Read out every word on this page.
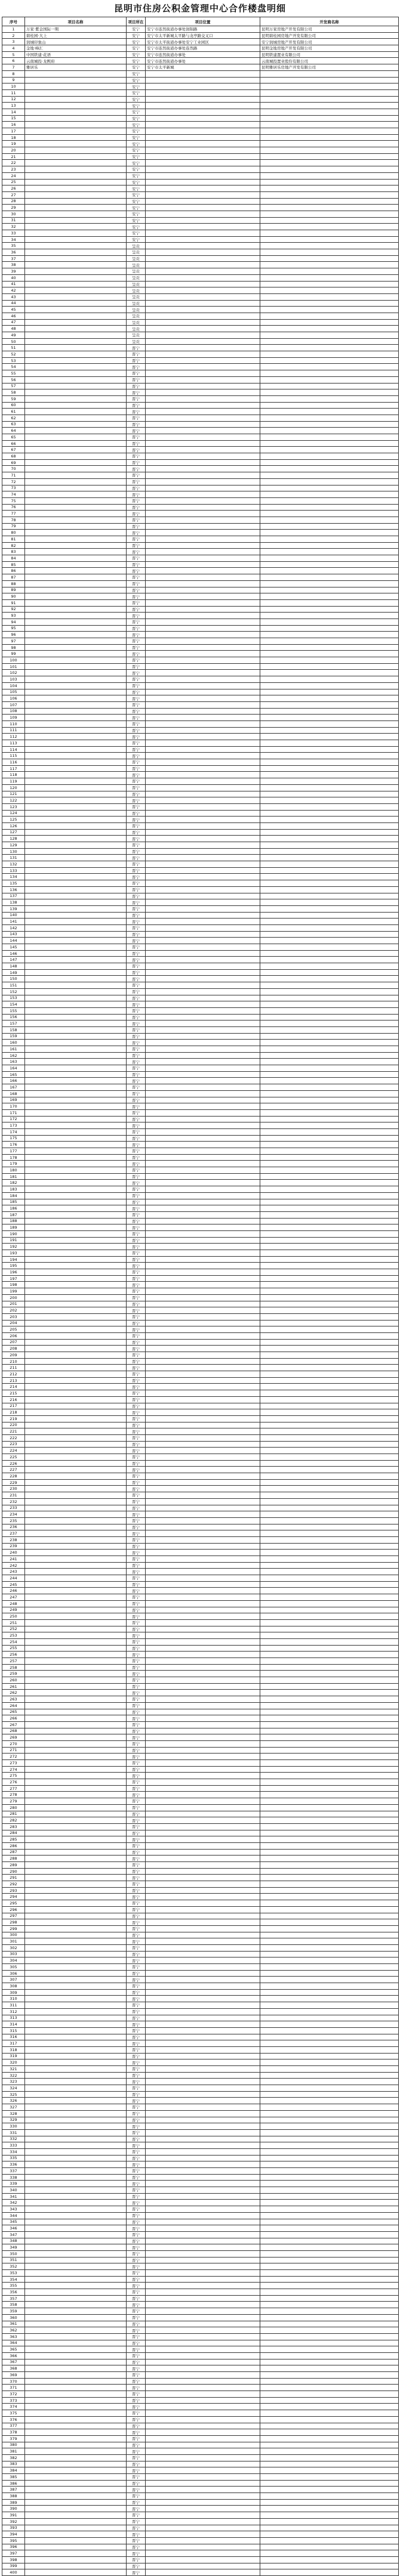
昆明市住房公积金管理中心合作楼盘明细
序号	项目名称	项目所在	项目位置	开发商名称
1	万家·紫金国际一期	安宁	安宁市连然街道办事处润锦路	昆明万家房地产开发有限公司
2	碧桂园·大上	安宁	安宁市太平新城太平路与龙亭路交叉口	昆明碧桂园房地产开发有限公司
3	润城印象山	安宁	安宁市太平街道办事处安宁工业园区	安宁润城房地产开发有限公司
4	金地·峰汇	安宁	安宁市连然街道办事处连然路	昆明金地房地产开发有限公司
5	中国铁建·花语	安宁	安宁市连然街道办事处	昆明铁建置业有限公司
6	云南城投·龙熙府	安宁	安宁市连然街道办事处	云南城投置业股份有限公司
7	雅居乐	安宁	安宁市太平新城	昆明雅居乐房地产开发有限公司
8		安宁		
9		安宁		
10		安宁		
11		安宁		
12		安宁		
13		安宁		
14		安宁		
15		安宁		
16		安宁		
17		安宁		
18		安宁		
19		安宁		
20		安宁		
21		安宁		
22		安宁		
23		安宁		
24		安宁		
25		安宁		
26		安宁		
27		安宁		
28		安宁		
29		安宁		
30		安宁		
31		安宁		
32		安宁		
33		安宁		
34		安宁		
35		呈贡		
36		呈贡		
37		呈贡		
38		呈贡		
39		呈贡		
40		呈贡		
41		呈贡		
42		呈贡		
43		呈贡		
44		呈贡		
45		呈贡		
46		呈贡		
47		呈贡		
48		呈贡		
49		呈贡		
50		呈贡		
51		晋宁		
52		晋宁		
53		晋宁		
54		晋宁		
55		晋宁		
56		晋宁		
57		晋宁		
58		晋宁		
59		晋宁		
60		晋宁		
61		晋宁		
62		晋宁		
63		晋宁		
64		晋宁		
65		晋宁		
66		晋宁		
67		晋宁		
68		晋宁		
69		晋宁		
70		晋宁		
71		晋宁		
72		晋宁		
73		晋宁		
74		晋宁		
75		晋宁		
76		晋宁		
77		晋宁		
78		晋宁		
79		晋宁		
80		晋宁		
81		晋宁		
82		晋宁		
83		晋宁		
84		晋宁		
85		晋宁		
86		晋宁		
87		晋宁		
88		晋宁		
89		晋宁		
90		晋宁		
91		晋宁		
92		晋宁		
93		晋宁		
94		晋宁		
95		晋宁		
96		晋宁		
97		晋宁		
98		晋宁		
99		晋宁		
100		晋宁		
101		晋宁		
102		晋宁		
103		晋宁		
104		晋宁		
105		晋宁		
106		晋宁		
107		晋宁		
108		晋宁		
109		晋宁		
110		晋宁		
111		晋宁		
112		晋宁		
113		晋宁		
114		晋宁		
115		晋宁		
116		晋宁		
117		晋宁		
118		晋宁		
119		晋宁		
120		晋宁		
121		晋宁		
122		晋宁		
123		晋宁		
124		晋宁		
125		晋宁		
126		晋宁		
127		晋宁		
128		晋宁		
129		晋宁		
130		晋宁		
131		晋宁		
132		晋宁		
133		晋宁		
134		晋宁		
135		晋宁		
136		晋宁		
137		晋宁		
138		晋宁		
139		晋宁		
140		晋宁		
141		晋宁		
142		晋宁		
143		晋宁		
144		晋宁		
145		晋宁		
146		晋宁		
147		晋宁		
148		晋宁		
149		晋宁		
150		晋宁		
151		晋宁		
152		晋宁		
153		晋宁		
154		晋宁		
155		晋宁		
156		晋宁		
157		晋宁		
158		晋宁		
159		晋宁		
160		晋宁		
161		晋宁		
162		晋宁		
163		晋宁		
164		晋宁		
165		晋宁		
166		晋宁		
167		晋宁		
168		晋宁		
169		晋宁		
170		晋宁		
171		晋宁		
172		晋宁		
173		晋宁		
174		晋宁		
175		晋宁		
176		晋宁		
177		晋宁		
178		晋宁		
179		晋宁		
180		晋宁		
181		晋宁		
182		晋宁		
183		晋宁		
184		晋宁		
185		晋宁		
186		晋宁		
187		晋宁		
188		晋宁		
189		晋宁		
190		晋宁		
191		晋宁		
192		晋宁		
193		晋宁		
194		晋宁		
195		晋宁		
196		晋宁		
197		晋宁		
198		晋宁		
199		晋宁		
200		晋宁		
201		晋宁		
202		晋宁		
203		晋宁		
204		晋宁		
205		晋宁		
206		晋宁		
207		晋宁		
208		晋宁		
209		晋宁		
210		晋宁		
211		晋宁		
212		晋宁		
213		晋宁		
214		晋宁		
215		晋宁		
216		晋宁		
217		晋宁		
218		晋宁		
219		晋宁		
220		晋宁		
221		晋宁		
222		晋宁		
223		晋宁		
224		晋宁		
225		晋宁		
226		晋宁		
227		晋宁		
228		晋宁		
229		晋宁		
230		晋宁		
231		晋宁		
232		晋宁		
233		晋宁		
234		晋宁		
235		晋宁		
236		晋宁		
237		晋宁		
238		晋宁		
239		晋宁		
240		晋宁		
241		晋宁		
242		晋宁		
243		晋宁		
244		晋宁		
245		晋宁		
246		晋宁		
247		晋宁		
248		晋宁		
249		晋宁		
250		晋宁		
251		晋宁		
252		晋宁		
253		晋宁		
254		晋宁		
255		晋宁		
256		晋宁		
257		晋宁		
258		晋宁		
259		晋宁		
260		晋宁		
261		晋宁		
262		晋宁		
263		晋宁		
264		晋宁		
265		晋宁		
266		晋宁		
267		晋宁		
268		晋宁		
269		晋宁		
270		晋宁		
271		晋宁		
272		晋宁		
273		晋宁		
274		晋宁		
275		晋宁		
276		晋宁		
277		晋宁		
278		晋宁		
279		晋宁		
280		晋宁		
281		晋宁		
282		晋宁		
283		晋宁		
284		晋宁		
285		晋宁		
286		晋宁		
287		晋宁		
288		晋宁		
289		晋宁		
290		晋宁		
291		晋宁		
292		晋宁		
293		晋宁		
294		晋宁		
295		晋宁		
296		晋宁		
297		晋宁		
298		晋宁		
299		晋宁		
300		晋宁		
301		晋宁		
302		晋宁		
303		晋宁		
304		晋宁		
305		晋宁		
306		晋宁		
307		晋宁		
308		晋宁		
309		晋宁		
310		晋宁		
311		晋宁		
312		晋宁		
313		晋宁		
314		晋宁		
315		晋宁		
316		晋宁		
317		晋宁		
318		晋宁		
319		晋宁		
320		晋宁		
321		晋宁		
322		晋宁		
323		晋宁		
324		晋宁		
325		晋宁		
326		晋宁		
327		晋宁		
328		晋宁		
329		晋宁		
330		晋宁		
331		晋宁		
332		晋宁		
333		晋宁		
334		晋宁		
335		晋宁		
336		晋宁		
337		晋宁		
338		晋宁		
339		晋宁		
340		晋宁		
341		晋宁		
342		晋宁		
343		晋宁		
344		晋宁		
345		晋宁		
346		晋宁		
347		晋宁		
348		晋宁		
349		晋宁		
350		晋宁		
351		晋宁		
352		晋宁		
353		晋宁		
354		晋宁		
355		晋宁		
356		晋宁		
357		晋宁		
358		晋宁		
359		晋宁		
360		晋宁		
361		晋宁		
362		晋宁		
363		晋宁		
364		晋宁		
365		晋宁		
366		晋宁		
367		晋宁		
368		晋宁		
369		晋宁		
370		晋宁		
371		晋宁		
372		晋宁		
373		晋宁		
374		晋宁		
375		晋宁		
376		晋宁		
377		晋宁		
378		晋宁		
379		晋宁		
380		晋宁		
381		晋宁		
382		晋宁		
383		晋宁		
384		晋宁		
385		晋宁		
386		晋宁		
387		晋宁		
388		晋宁		
389		晋宁		
390		晋宁		
391		晋宁		
392		晋宁		
393		晋宁		
394		晋宁		
395		晋宁		
396		晋宁		
397		晋宁		
398		晋宁		
399		晋宁		
400		晋宁		
